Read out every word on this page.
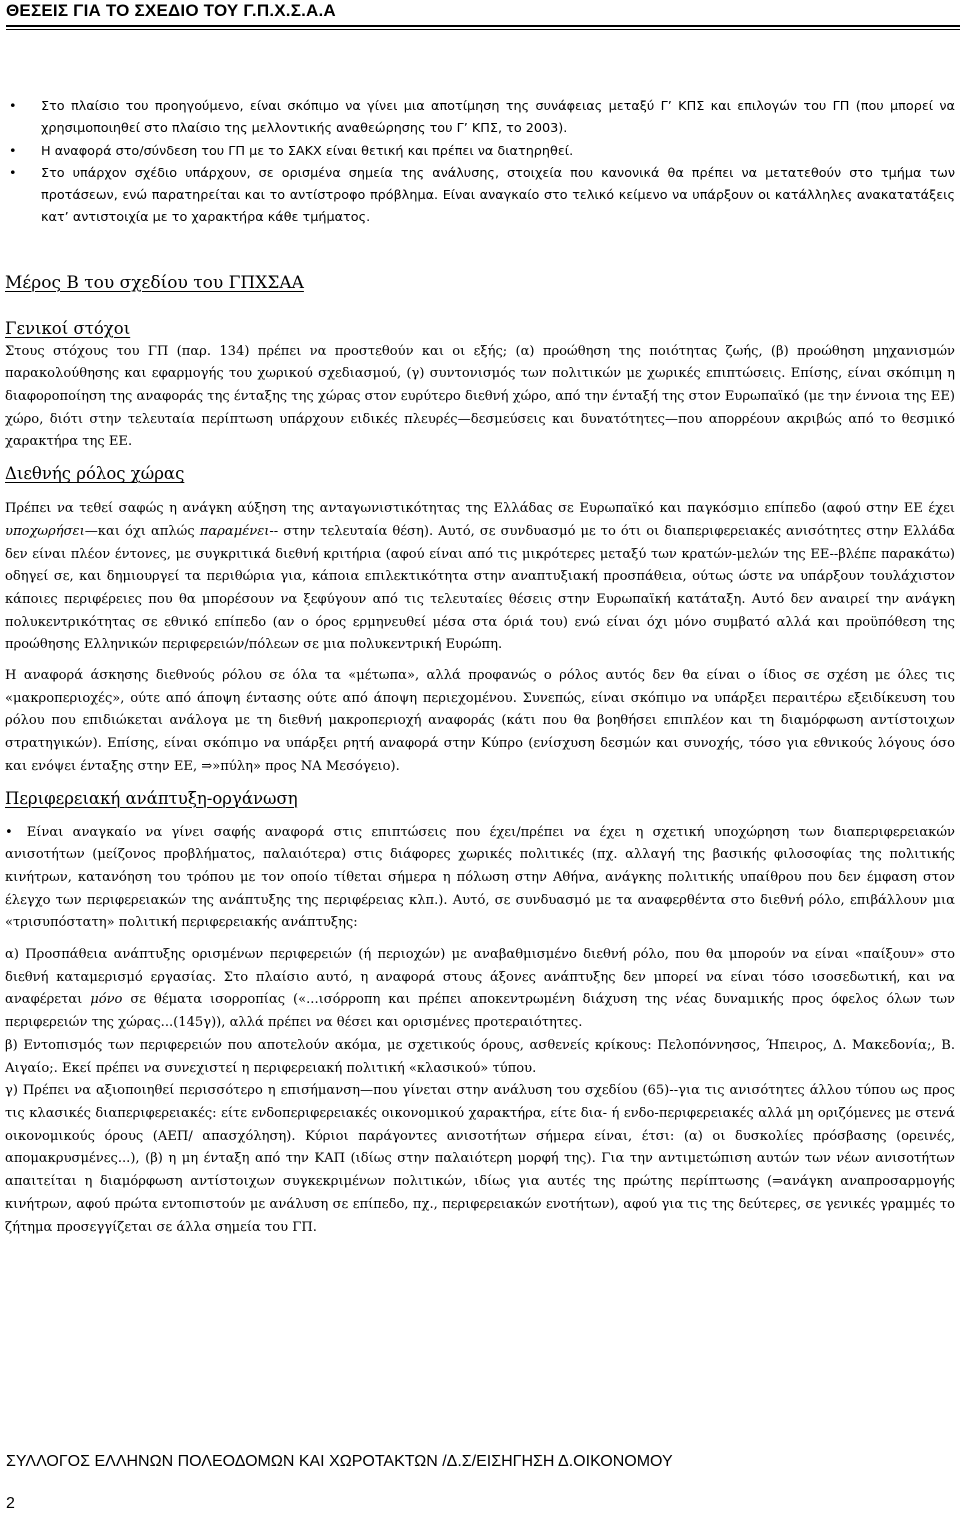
ΘΕΣΕΙΣ ΓΙΑ ΤΟ ΣΧΕΔΙΟ ΤΟΥ Γ.Π.Χ.Σ.Α.Α
• Στο πλαίσιο του προηγούμενο, είναι σκόπιμο να γίνει μια αποτίμηση της συνάφειας μεταξύ Γ’ ΚΠΣ και επιλογών του ΓΠ (που μπορεί να χρησιμοποιηθεί στο πλαίσιο της μελλοντικής αναθεώρησης του Γ’ ΚΠΣ, το 2003).
• Η αναφορά στο/σύνδεση του ΓΠ με το ΣΑΚΧ είναι θετική και πρέπει να διατηρηθεί.
• Στο υπάρχον σχέδιο υπάρχουν, σε ορισμένα σημεία της ανάλυσης, στοιχεία που κανονικά θα πρέπει να μετατεθούν στο τμήμα των προτάσεων, ενώ παρατηρείται και το αντίστροφο πρόβλημα. Είναι αναγκαίο στο τελικό κείμενο να υπάρξουν οι κατάλληλες ανακατατάξεις κατ’ αντιστοιχία με το χαρακτήρα κάθε τμήματος.
Μέρος Β του σχεδίου του ΓΠΧΣΑΑ
Γενικοί στόχοι

Στους στόχους του ΓΠ (παρ. 134) πρέπει να προστεθούν και οι εξής; (α) προώθηση της ποιότητας ζωής, (β) προώθηση μηχανισμών παρακολούθησης και εφαρμογής του χωρικού σχεδιασμού, (γ) συντονισμός των πολιτικών με χωρικές επιπτώσεις. Επίσης, είναι σκόπιμη η διαφοροποίηση της αναφοράς της ένταξης της χώρας στον ευρύτερο διεθνή χώρο, από την ένταξή της στον Ευρωπαϊκό (με την έννοια της ΕΕ) χώρο, διότι στην τελευταία περίπτωση υπάρχουν ειδικές πλευρές—δεσμεύσεις και δυνατότητες—που απορρέουν ακριβώς από το θεσμικό χαρακτήρα της ΕΕ.

Διεθνής ρόλος χώρας

Πρέπει να τεθεί σαφώς η ανάγκη αύξηση της ανταγωνιστικότητας της Ελλάδας σε Ευρωπαϊκό και παγκόσμιο επίπεδο (αφού στην ΕΕ έχει υποχωρήσει—και όχι απλώς παραμένει-- στην τελευταία θέση). Αυτό, σε συνδυασμό με το ότι οι διαπεριφερειακές ανισότητες στην Ελλάδα δεν είναι πλέον έντονες, με συγκριτικά διεθνή κριτήρια (αφού είναι από τις μικρότερες μεταξύ των κρατών-μελών της ΕΕ--βλέπε παρακάτω) οδηγεί σε, και δημιουργεί τα περιθώρια για, κάποια επιλεκτικότητα στην αναπτυξιακή προσπάθεια, ούτως ώστε να υπάρξουν τουλάχιστον κάποιες περιφέρειες που θα μπορέσουν να ξεφύγουν από τις τελευταίες θέσεις στην Ευρωπαϊκή κατάταξη. Αυτό δεν αναιρεί την ανάγκη πολυκεντρικότητας σε εθνικό επίπεδο (αν ο όρος ερμηνευθεί μέσα στα όριά του) ενώ είναι όχι μόνο συμβατό αλλά και προϋπόθεση της προώθησης Ελληνικών περιφερειών/πόλεων σε μια πολυκεντρική Ευρώπη.

Η αναφορά άσκησης διεθνούς ρόλου σε όλα τα «μέτωπα», αλλά προφανώς ο ρόλος αυτός δεν θα είναι ο ίδιος σε σχέση με όλες τις «μακροπεριοχές», ούτε από άποψη έντασης ούτε από άποψη περιεχομένου. Συνεπώς, είναι σκόπιμο να υπάρξει περαιτέρω εξειδίκευση του ρόλου που επιδιώκεται ανάλογα με τη διεθνή μακροπεριοχή αναφοράς (κάτι που θα βοηθήσει επιπλέον και τη διαμόρφωση αντίστοιχων στρατηγικών). Επίσης, είναι σκόπιμο να υπάρξει ρητή αναφορά στην Κύπρο (ενίσχυση δεσμών και συνοχής, τόσο για εθνικούς λόγους όσο και ενόψει ένταξης στην ΕΕ, ⇒»πύλη» προς ΝΑ Μεσόγειο).

Περιφερειακή ανάπτυξη-οργάνωση

• Είναι αναγκαίο να γίνει σαφής αναφορά στις επιπτώσεις που έχει/πρέπει να έχει η σχετική υποχώρηση των διαπεριφερειακών ανισοτήτων (μείζονος προβλήματος, παλαιότερα) στις διάφορες χωρικές πολιτικές (πχ. αλλαγή της βασικής φιλοσοφίας της πολιτικής κινήτρων, κατανόηση του τρόπου με τον οποίο τίθεται σήμερα η πόλωση στην Αθήνα, ανάγκης πολιτικής υπαίθρου που δεν έμφαση στον έλεγχο των περιφερειακών της ανάπτυξης της περιφέρειας κλπ.). Αυτό, σε συνδυασμό με τα αναφερθέντα στο διεθνή ρόλο, επιβάλλουν μια «τρισυπόστατη» πολιτική περιφερειακής ανάπτυξης:

α) Προσπάθεια ανάπτυξης ορισμένων περιφερειών (ή περιοχών) με αναβαθμισμένο διεθνή ρόλο, που θα μπορούν να είναι «παίξουν» στο διεθνή καταμερισμό εργασίας. Στο πλαίσιο αυτό, η αναφορά στους άξονες ανάπτυξης δεν μπορεί να είναι τόσο ισοσεδωτική, και να αναφέρεται μόνο σε θέματα ισορροπίας («...ισόρροπη και πρέπει αποκεντρωμένη διάχυση της νέας δυναμικής προς όφελος όλων των περιφερειών της χώρας...(145γ)), αλλά πρέπει να θέσει και ορισμένες προτεραιότητες.

β) Εντοπισμός των περιφερειών που αποτελούν ακόμα, με σχετικούς όρους, ασθενείς κρίκους: Πελοπόννησος, Ήπειρος, Δ. Μακεδονία;, Β. Αιγαίο;. Εκεί πρέπει να συνεχιστεί η περιφερειακή πολιτική «κλασικού» τύπου.

γ) Πρέπει να αξιοποιηθεί περισσότερο η επισήμανση—που γίνεται στην ανάλυση του σχεδίου (65)--για τις ανισότητες άλλου τύπου ως προς τις κλασικές διαπεριφερειακές: είτε ενδοπεριφερειακές οικονομικού χαρακτήρα, είτε δια- ή ενδο-περιφερειακές αλλά μη οριζόμενες με στενά οικονομικούς όρους (ΑΕΠ/ απασχόληση). Κύριοι παράγοντες ανισοτήτων σήμερα είναι, έτσι: (α) οι δυσκολίες πρόσβασης (ορεινές, απομακρυσμένες...), (β) η μη ένταξη από την ΚΑΠ (ιδίως στην παλαιότερη μορφή της). Για την αντιμετώπιση αυτών των νέων ανισοτήτων απαιτείται η διαμόρφωση αντίστοιχων συγκεκριμένων πολιτικών, ιδίως για αυτές της πρώτης περίπτωσης (⇒ανάγκη αναπροσαρμογής κινήτρων, αφού πρώτα εντοπιστούν με ανάλυση σε επίπεδο, πχ., περιφερειακών ενοτήτων), αφού για τις της δεύτερες, σε γενικές γραμμές το ζήτημα προσεγγίζεται σε άλλα σημεία του ΓΠ.

ΣΥΛΛΟΓΟΣ ΕΛΛΗΝΩΝ ΠΟΛΕΟΔΟΜΩΝ ΚΑΙ ΧΩΡΟΤΑΚΤΩΝ /Δ.Σ/ΕΙΣΗΓΗΣΗ Δ.ΟΙΚΟΝΟΜΟΥ
2
